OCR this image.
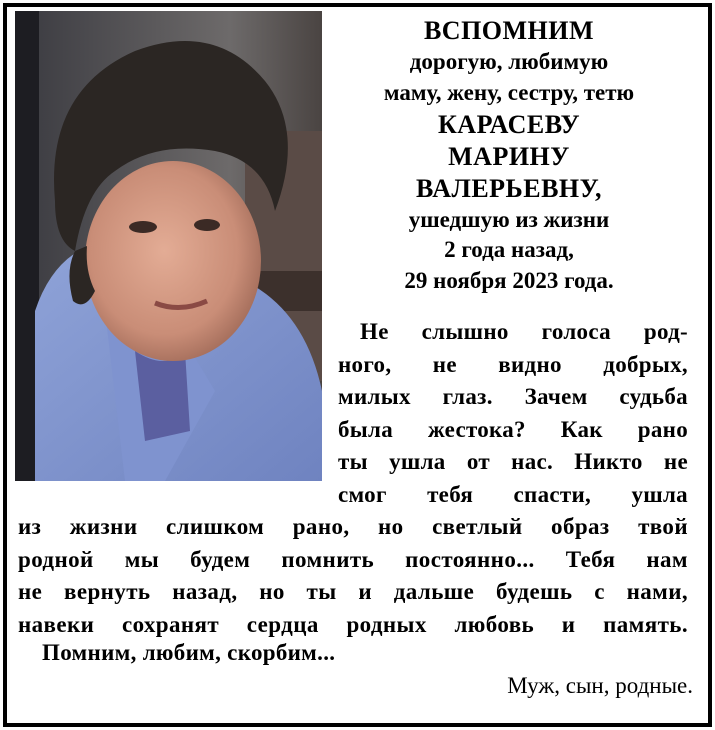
ВСПОМНИМ
дорогую, любимую
маму, жену, сестру, тетю
КАРАСЕВУ
МАРИНУ
ВАЛЕРЬЕВНУ,
ушедшую из жизни
2 года назад,
29 ноября 2023 года.
Не слышно голоса род-
ного, не видно добрых,
милых глаз. Зачем судьба
была жестока? Как рано
ты ушла от нас. Никто не
смог тебя спасти, ушла
из жизни слишком рано, но светлый образ твой
родной мы будем помнить постоянно... Тебя нам
не вернуть назад, но ты и дальше будешь с нами,
навеки сохранят сердца родных любовь и память.
Помним, любим, скорбим...
Муж, сын, родные.
